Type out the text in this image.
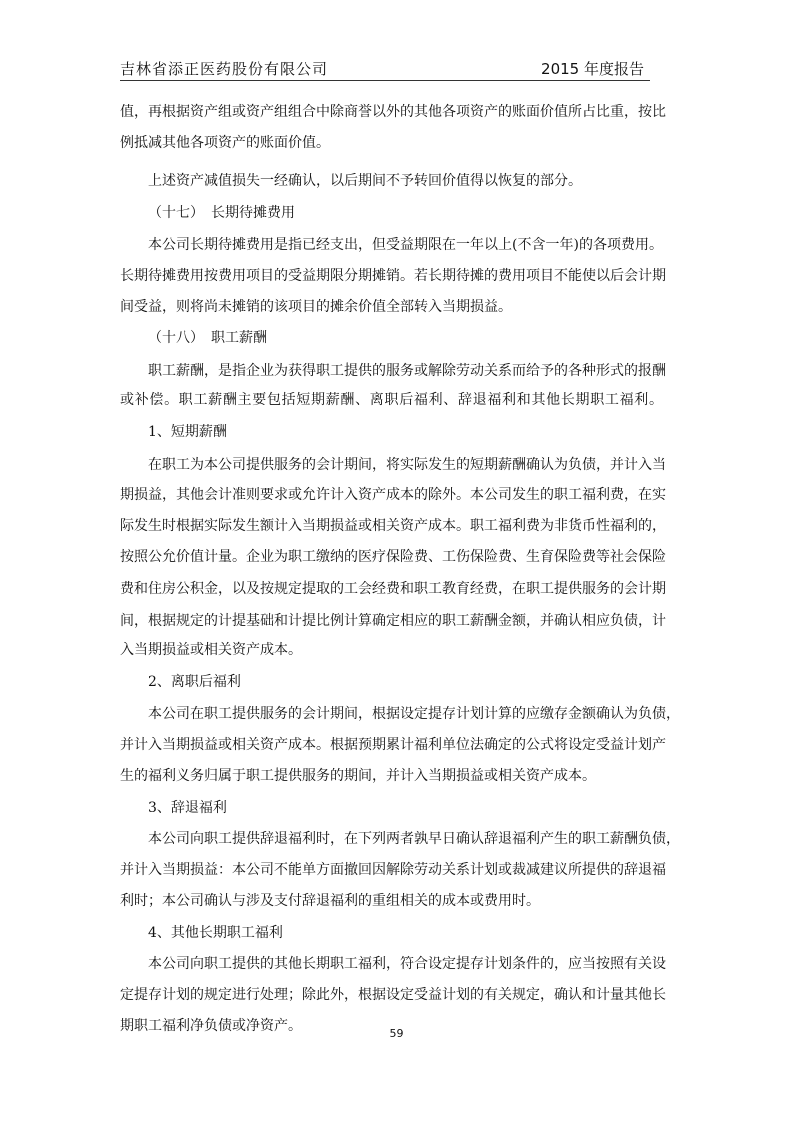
吉林省添正医药股份有限公司	2015 年度报告
值，再根据资产组或资产组组合中除商誉以外的其他各项资产的账面价值所占比重，按比
例抵减其他各项资产的账面价值。
上述资产减值损失一经确认，以后期间不予转回价值得以恢复的部分。
（十七）　长期待摊费用
本公司长期待摊费用是指已经支出，但受益期限在一年以上(不含一年)的各项费用。
长期待摊费用按费用项目的受益期限分期摊销。若长期待摊的费用项目不能使以后会计期
间受益，则将尚未摊销的该项目的摊余价值全部转入当期损益。
（十八）　职工薪酬
职工薪酬，是指企业为获得职工提供的服务或解除劳动关系而给予的各种形式的报酬
或补偿。职工薪酬主要包括短期薪酬、离职后福利、辞退福利和其他长期职工福利。
1、短期薪酬
在职工为本公司提供服务的会计期间，将实际发生的短期薪酬确认为负债，并计入当
期损益，其他会计准则要求或允许计入资产成本的除外。本公司发生的职工福利费，在实
际发生时根据实际发生额计入当期损益或相关资产成本。职工福利费为非货币性福利的，
按照公允价值计量。企业为职工缴纳的医疗保险费、工伤保险费、生育保险费等社会保险
费和住房公积金，以及按规定提取的工会经费和职工教育经费，在职工提供服务的会计期
间，根据规定的计提基础和计提比例计算确定相应的职工薪酬金额，并确认相应负债，计
入当期损益或相关资产成本。
2、离职后福利
本公司在职工提供服务的会计期间，根据设定提存计划计算的应缴存金额确认为负债，
并计入当期损益或相关资产成本。根据预期累计福利单位法确定的公式将设定受益计划产
生的福利义务归属于职工提供服务的期间，并计入当期损益或相关资产成本。
3、辞退福利
本公司向职工提供辞退福利时，在下列两者孰早日确认辞退福利产生的职工薪酬负债，
并计入当期损益：本公司不能单方面撤回因解除劳动关系计划或裁减建议所提供的辞退福
利时；本公司确认与涉及支付辞退福利的重组相关的成本或费用时。
4、其他长期职工福利
本公司向职工提供的其他长期职工福利，符合设定提存计划条件的，应当按照有关设
定提存计划的规定进行处理；除此外，根据设定受益计划的有关规定，确认和计量其他长
期职工福利净负债或净资产。	59
